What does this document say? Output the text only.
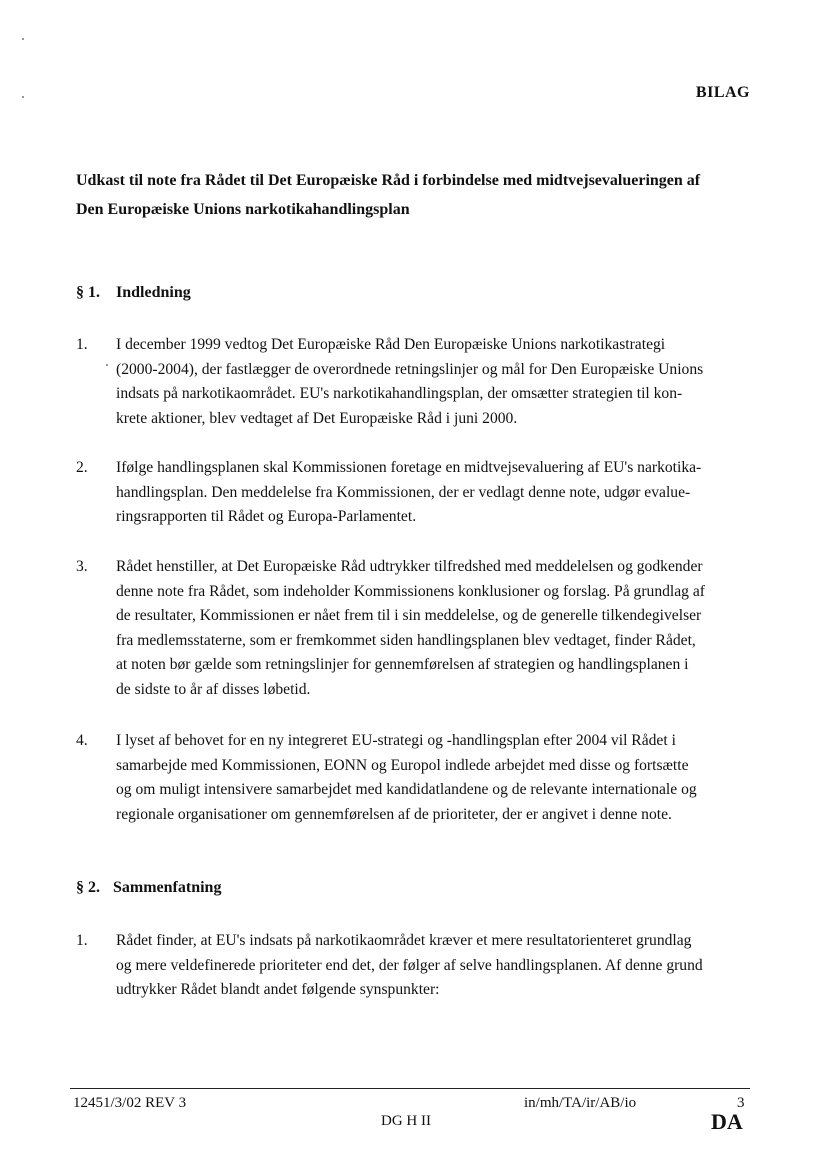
BILAG
Udkast til note fra Rådet til Det Europæiske Råd i forbindelse med midtvejsevalueringen af
Den Europæiske Unions narkotikahandlingsplan
§ 1. Indledning
1. I december 1999 vedtog Det Europæiske Råd Den Europæiske Unions narkotikastrategi
(2000-2004), der fastlægger de overordnede retningslinjer og mål for Den Europæiske Unions
indsats på narkotikaområdet. EU's narkotikahandlingsplan, der omsætter strategien til kon-
krete aktioner, blev vedtaget af Det Europæiske Råd i juni 2000.
2. Ifølge handlingsplanen skal Kommissionen foretage en midtvejsevaluering af EU's narkotika-
handlingsplan. Den meddelelse fra Kommissionen, der er vedlagt denne note, udgør evalue-
ringsrapporten til Rådet og Europa-Parlamentet.
3. Rådet henstiller, at Det Europæiske Råd udtrykker tilfredshed med meddelelsen og godkender
denne note fra Rådet, som indeholder Kommissionens konklusioner og forslag. På grundlag af
de resultater, Kommissionen er nået frem til i sin meddelelse, og de generelle tilkendegivelser
fra medlemsstaterne, som er fremkommet siden handlingsplanen blev vedtaget, finder Rådet,
at noten bør gælde som retningslinjer for gennemførelsen af strategien og handlingsplanen i
de sidste to år af disses løbetid.
4. I lyset af behovet for en ny integreret EU-strategi og -handlingsplan efter 2004 vil Rådet i
samarbejde med Kommissionen, EONN og Europol indlede arbejdet med disse og fortsætte
og om muligt intensivere samarbejdet med kandidatlandene og de relevante internationale og
regionale organisationer om gennemførelsen af de prioriteter, der er angivet i denne note.
§ 2. Sammenfatning
1. Rådet finder, at EU's indsats på narkotikaområdet kræver et mere resultatorienteret grundlag
og mere veldefinerede prioriteter end det, der følger af selve handlingsplanen. Af denne grund
udtrykker Rådet blandt andet følgende synspunkter:
12451/3/02 REV 3	in/mh/TA/ir/AB/io	3
DG H II	DA
